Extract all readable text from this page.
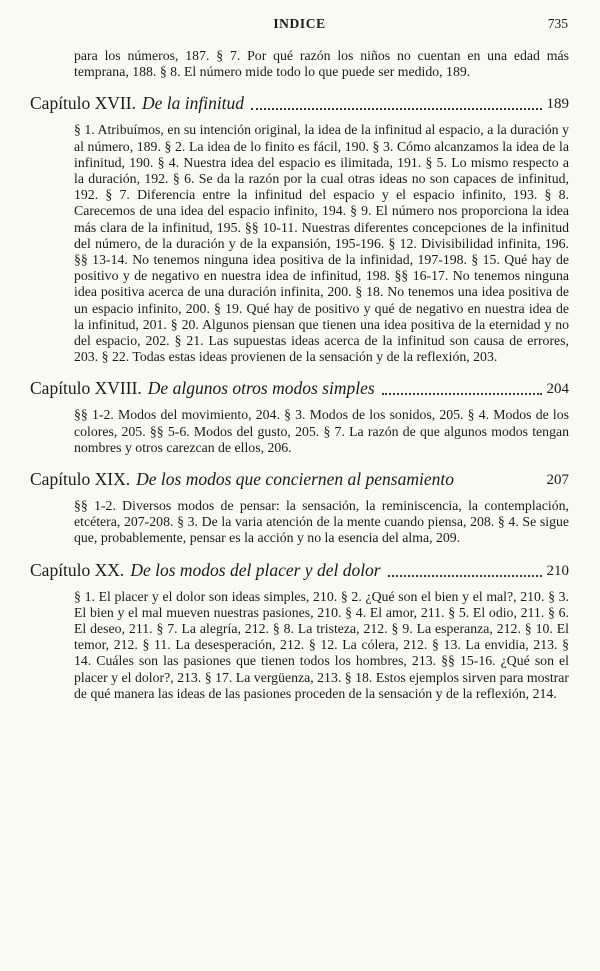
INDICE	735

para los números, 187. § 7. Por qué razón los niños no cuentan en una edad más temprana, 188. § 8. El número mide todo lo que puede ser medido, 189.

Capítulo XVII. De la infinitud	189

§ 1. Atribuímos, en su intención original, la idea de la infinitud al espacio, a la duración y al número, 189. § 2. La idea de lo finito es fácil, 190. § 3. Cómo alcanzamos la idea de la infinitud, 190. § 4. Nuestra idea del espacio es ilimitada, 191. § 5. Lo mismo respecto a la duración, 192. § 6. Se da la razón por la cual otras ideas no son capaces de infinitud, 192. § 7. Diferencia entre la infinitud del espacio y el espacio infinito, 193. § 8. Carecemos de una idea del espacio infinito, 194. § 9. El número nos proporciona la idea más clara de la infinitud, 195. §§ 10-11. Nuestras diferentes concepciones de la infinitud del número, de la duración y de la expansión, 195-196. § 12. Divisibilidad infinita, 196. §§ 13-14. No tenemos ninguna idea positiva de la infinidad, 197-198. § 15. Qué hay de positivo y de negativo en nuestra idea de infinitud, 198. §§ 16-17. No tenemos ninguna idea positiva acerca de una duración infinita, 200. § 18. No tenemos una idea positiva de un espacio infinito, 200. § 19. Qué hay de positivo y qué de negativo en nuestra idea de la infinitud, 201. § 20. Algunos piensan que tienen una idea positiva de la eternidad y no del espacio, 202. § 21. Las supuestas ideas acerca de la infinitud son causa de errores, 203. § 22. Todas estas ideas provienen de la sensación y de la reflexión, 203.

Capítulo XVIII. De algunos otros modos simples	204

§§ 1-2. Modos del movimiento, 204. § 3. Modos de los sonidos, 205. § 4. Modos de los colores, 205. §§ 5-6. Modos del gusto, 205. § 7. La razón de que algunos modos tengan nombres y otros carezcan de ellos, 206.

Capítulo XIX. De los modos que conciernen al pensamiento	207

§§ 1-2. Diversos modos de pensar: la sensación, la reminiscencia, la contemplación, etcétera, 207-208. § 3. De la varia atención de la mente cuando piensa, 208. § 4. Se sigue que, probablemente, pensar es la acción y no la esencia del alma, 209.

Capítulo XX. De los modos del placer y del dolor	210

§ 1. El placer y el dolor son ideas simples, 210. § 2. ¿Qué son el bien y el mal?, 210. § 3. El bien y el mal mueven nuestras pasiones, 210. § 4. El amor, 211. § 5. El odio, 211. § 6. El deseo, 211. § 7. La alegría, 212. § 8. La tristeza, 212. § 9. La esperanza, 212. § 10. El temor, 212. § 11. La desesperación, 212. § 12. La cólera, 212. § 13. La envidia, 213. § 14. Cuáles son las pasiones que tienen todos los hombres, 213. §§ 15-16. ¿Qué son el placer y el dolor?, 213. § 17. La vergüenza, 213. § 18. Estos ejemplos sirven para mostrar de qué manera las ideas de las pasiones proceden de la sensación y de la reflexión, 214.
